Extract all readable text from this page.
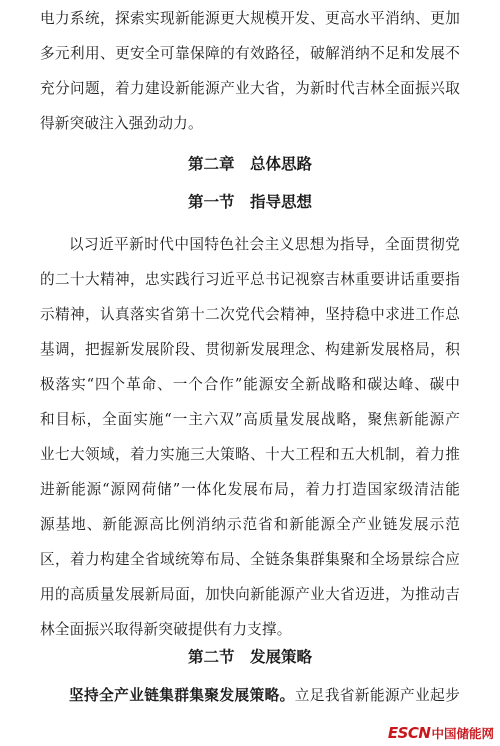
电力系统，探索实现新能源更大规模开发、更高水平消纳、更加
多元利用、更安全可靠保障的有效路径，破解消纳不足和发展不
充分问题，着力建设新能源产业大省，为新时代吉林全面振兴取
得新突破注入强劲动力。
第二章　总体思路
第一节　指导思想
以习近平新时代中国特色社会主义思想为指导，全面贯彻党
的二十大精神，忠实践行习近平总书记视察吉林重要讲话重要指
示精神，认真落实省第十二次党代会精神，坚持稳中求进工作总
基调，把握新发展阶段、贯彻新发展理念、构建新发展格局，积
极落实“四个革命、一个合作”能源安全新战略和碳达峰、碳中
和目标，全面实施“一主六双”高质量发展战略，聚焦新能源产
业七大领域，着力实施三大策略、十大工程和五大机制，着力推
进新能源“源网荷储”一体化发展布局，着力打造国家级清洁能
源基地、新能源高比例消纳示范省和新能源全产业链发展示范
区，着力构建全省域统筹布局、全链条集群集聚和全场景综合应
用的高质量发展新局面，加快向新能源产业大省迈进，为推动吉
林全面振兴取得新突破提供有力支撑。
第二节　发展策略
坚持全产业链集群集聚发展策略。立足我省新能源产业起步
ESCN 中国储能网
